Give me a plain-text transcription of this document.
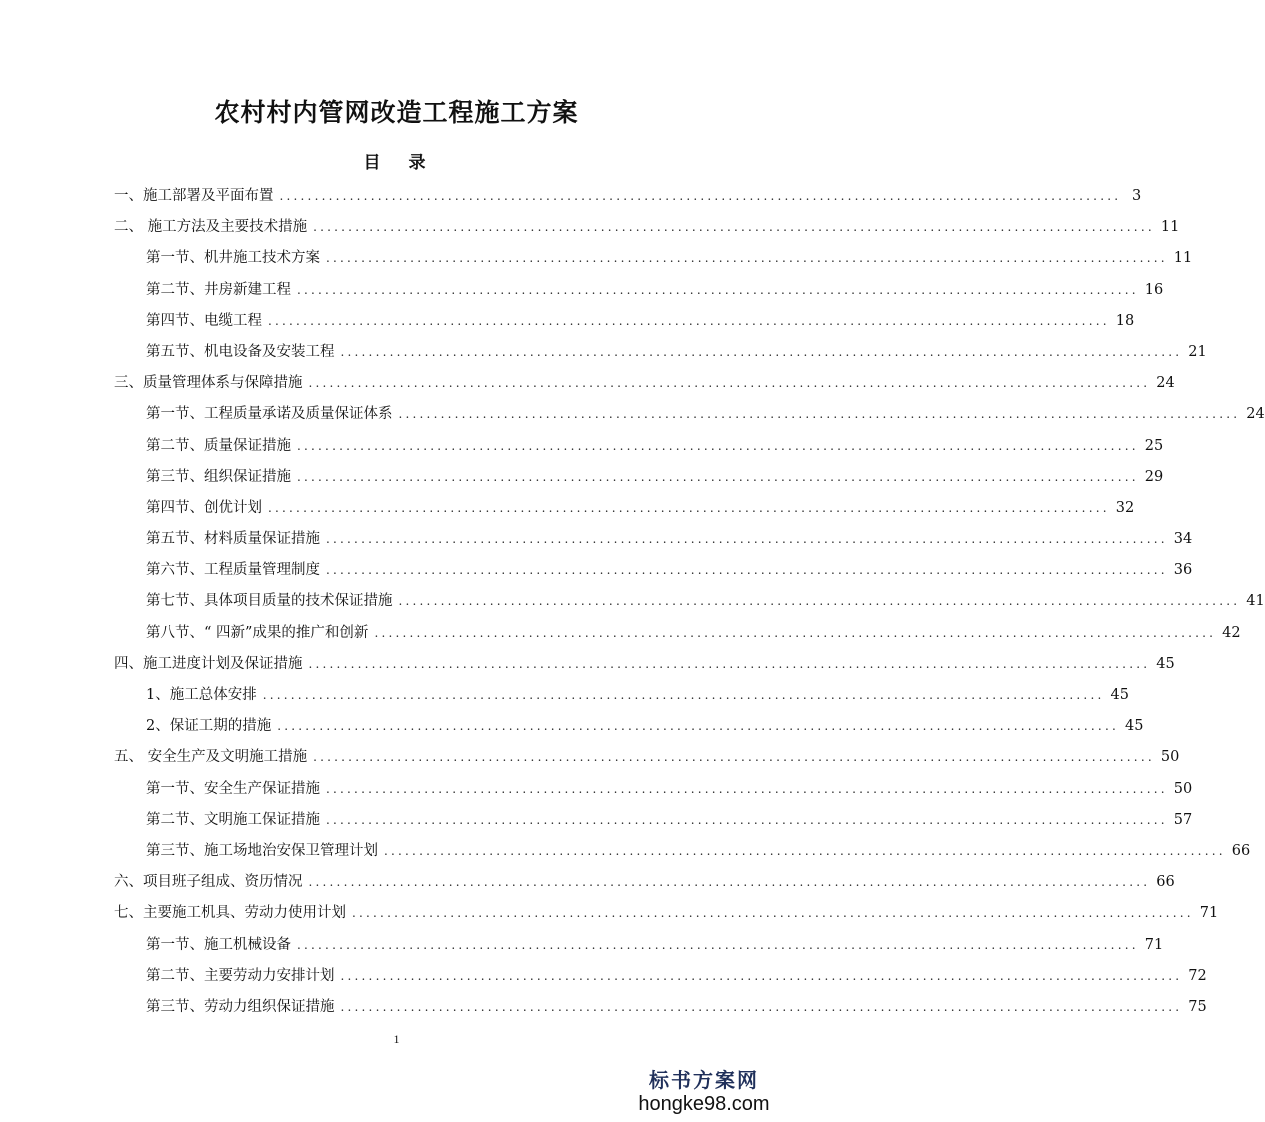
农村村内管网改造工程施工方案
目 录
一、施工部署及平面布置 ........................................................................................................................ 3
二、 施工方法及主要技术措施 ........................................................................................................................ 11
第一节、机井施工技术方案 ........................................................................................................................ 11
第二节、井房新建工程 ........................................................................................................................ 16
第四节、电缆工程 ........................................................................................................................ 18
第五节、机电设备及安装工程 ........................................................................................................................ 21
三、质量管理体系与保障措施 ........................................................................................................................ 24
第一节、工程质量承诺及质量保证体系 ........................................................................................................................ 24
第二节、质量保证措施 ........................................................................................................................ 25
第三节、组织保证措施 ........................................................................................................................ 29
第四节、创优计划 ........................................................................................................................ 32
第五节、材料质量保证措施 ........................................................................................................................ 34
第六节、工程质量管理制度 ........................................................................................................................ 36
第七节、具体项目质量的技术保证措施 ........................................................................................................................ 41
第八节、“ 四新”成果的推广和创新 ........................................................................................................................ 42
四、施工进度计划及保证措施 ........................................................................................................................ 45
1、施工总体安排 ........................................................................................................................ 45
2、保证工期的措施 ........................................................................................................................ 45
五、 安全生产及文明施工措施 ........................................................................................................................ 50
第一节、安全生产保证措施 ........................................................................................................................ 50
第二节、文明施工保证措施 ........................................................................................................................ 57
第三节、施工场地治安保卫管理计划 ........................................................................................................................ 66
六、项目班子组成、资历情况 ........................................................................................................................ 66
七、主要施工机具、劳动力使用计划 ........................................................................................................................ 71
第一节、施工机械设备 ........................................................................................................................ 71
第二节、主要劳动力安排计划 ........................................................................................................................ 72
第三节、劳动力组织保证措施 ........................................................................................................................ 75
1
标书方案网
hongke98.com
